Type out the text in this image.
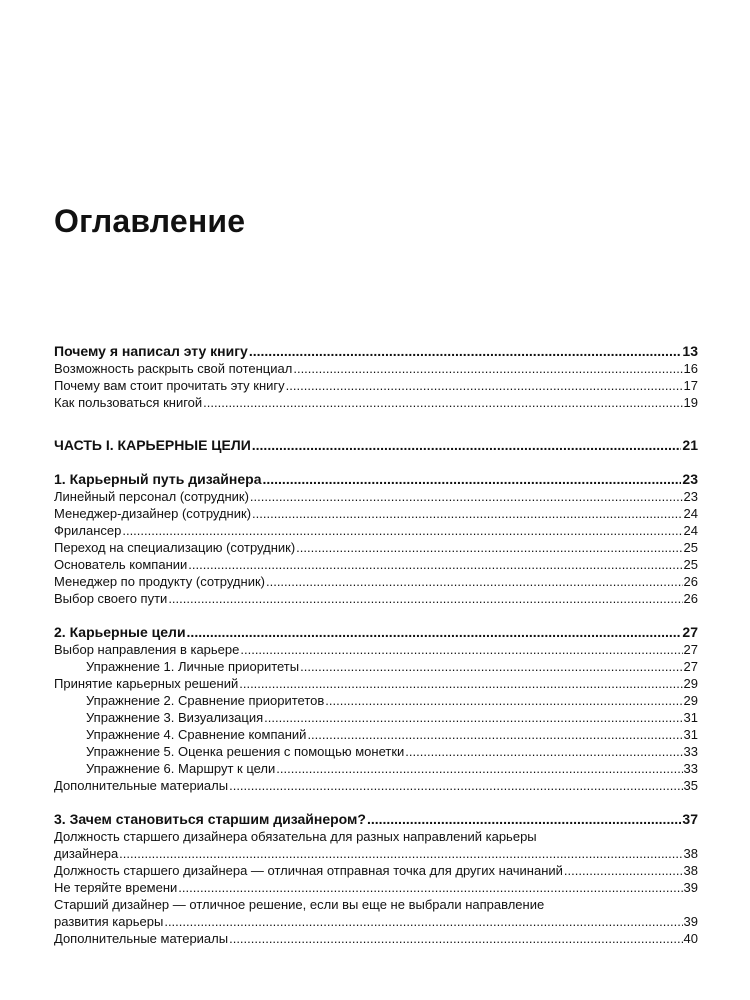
Оглавление
Почему я написал эту книгу .....	13
Возможность раскрыть свой потенциал .....	16
Почему вам стоит прочитать эту книгу .....	17
Как пользоваться книгой .....	19
ЧАСТЬ I. КАРЬЕРНЫЕ ЦЕЛИ .....	21
1. Карьерный путь дизайнера .....	23
Линейный персонал (сотрудник) .....	23
Менеджер-дизайнер (сотрудник) .....	24
Фрилансер .....	24
Переход на специализацию (сотрудник) .....	25
Основатель компании .....	25
Менеджер по продукту (сотрудник) .....	26
Выбор своего пути .....	26
2. Карьерные цели .....	27
Выбор направления в карьере .....	27
Упражнение 1. Личные приоритеты .....	27
Принятие карьерных решений .....	29
Упражнение 2. Сравнение приоритетов .....	29
Упражнение 3. Визуализация .....	31
Упражнение 4. Сравнение компаний .....	31
Упражнение 5. Оценка решения с помощью монетки .....	33
Упражнение 6. Маршрут к цели .....	33
Дополнительные материалы .....	35
3. Зачем становиться старшим дизайнером? .....	37
Должность старшего дизайнера обязательна для разных направлений карьеры
дизайнера .....	38
Должность старшего дизайнера — отличная отправная точка для других начинаний .....	38
Не теряйте времени .....	39
Старший дизайнер — отличное решение, если вы еще не выбрали направление
развития карьеры .....	39
Дополнительные материалы .....	40
